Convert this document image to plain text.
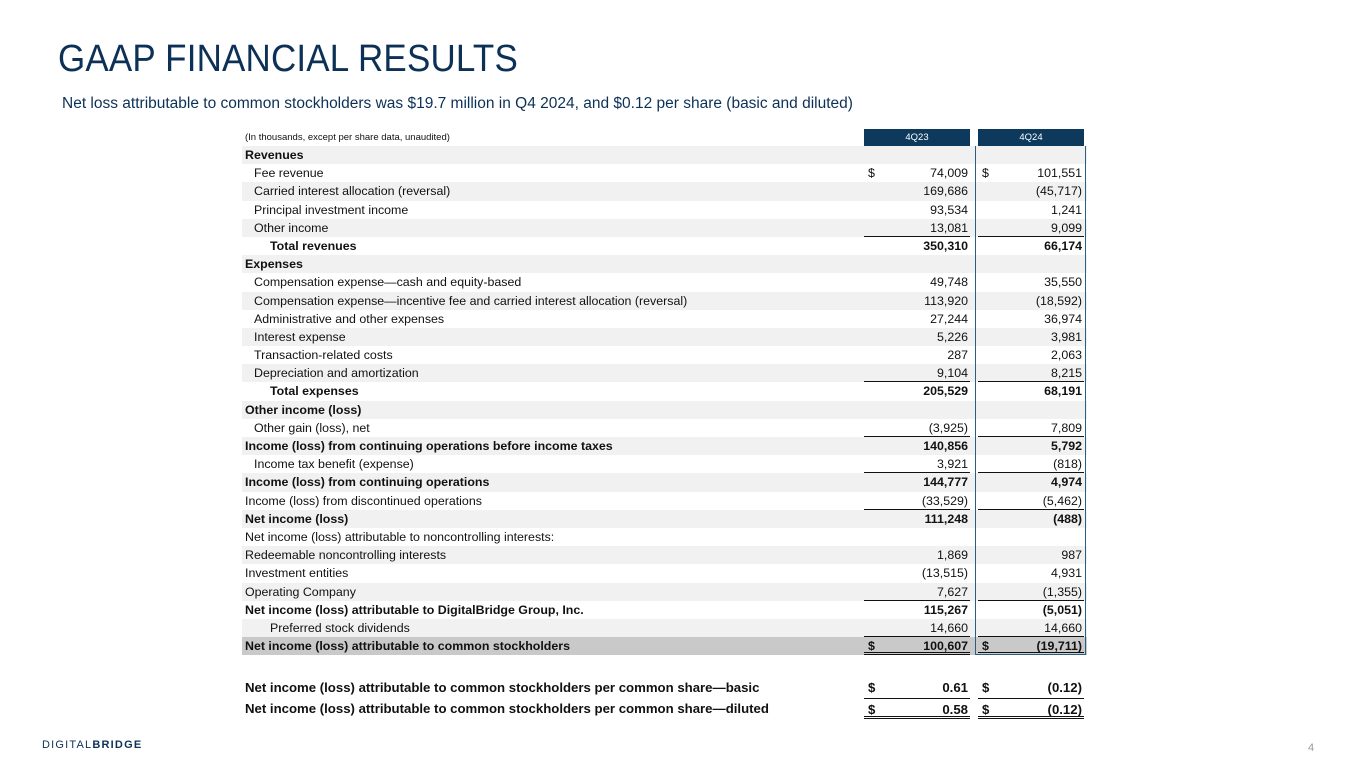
GAAP FINANCIAL RESULTS
Net loss attributable to common stockholders was $19.7 million in Q4 2024, and $0.12 per share (basic and diluted)
(In thousands, except per share data, unaudited)	4Q23	4Q24
Revenues
Fee revenue	$	74,009 $	101,551
Carried interest allocation (reversal)	169,686	(45,717)
Principal investment income	93,534	1,241
Other income	13,081	9,099
Total revenues	350,310	66,174
Expenses
Compensation expense—cash and equity-based	49,748	35,550
Compensation expense—incentive fee and carried interest allocation (reversal)	113,920	(18,592)
Administrative and other expenses	27,244	36,974
Interest expense	5,226	3,981
Transaction-related costs	287	2,063
Depreciation and amortization	9,104	8,215
Total expenses	205,529	68,191
Other income (loss)
Other gain (loss), net	(3,925)	7,809
Income (loss) from continuing operations before income taxes	140,856	5,792
Income tax benefit (expense)	3,921	(818)
Income (loss) from continuing operations	144,777	4,974
Income (loss) from discontinued operations	(33,529)	(5,462)
Net income (loss)	111,248	(488)
Net income (loss) attributable to noncontrolling interests:
Redeemable noncontrolling interests	1,869	987
Investment entities	(13,515)	4,931
Operating Company	7,627	(1,355)
Net income (loss) attributable to DigitalBridge Group, Inc.	115,267	(5,051)
Preferred stock dividends	14,660	14,660
Net income (loss) attributable to common stockholders	$	100,607 $	(19,711)
Net income (loss) attributable to common stockholders per common share—basic	$	0.61 $	(0.12)
Net income (loss) attributable to common stockholders per common share—diluted	$	0.58 $	(0.12)
DIGITALBRIDGE	4
